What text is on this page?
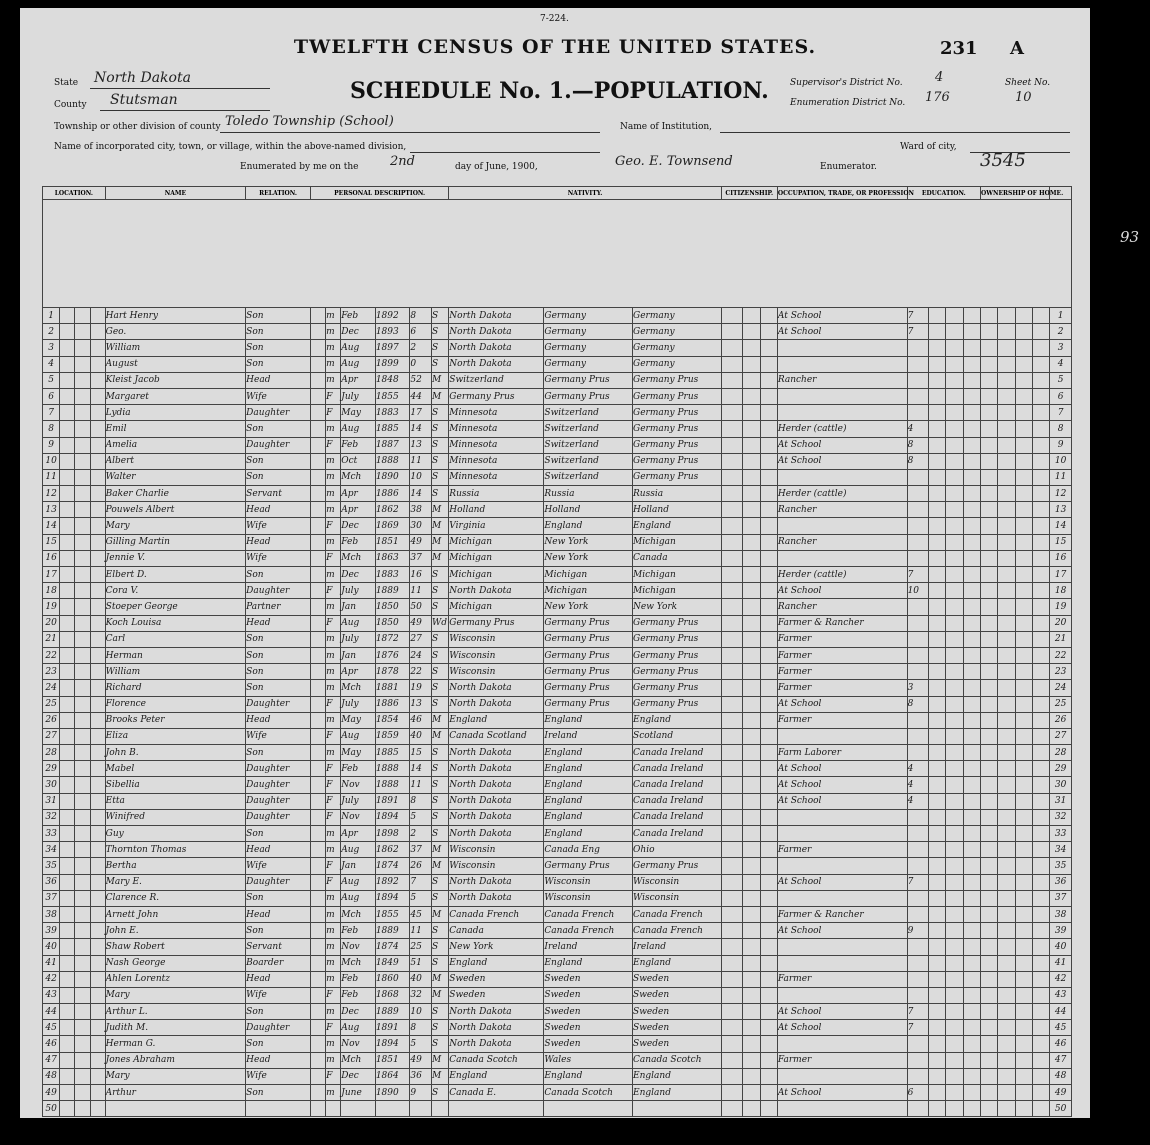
7-224.
TWELFTH CENSUS OF THE UNITED STATES.	231 A
SCHEDULE No. 1.—POPULATION.
State North Dakota
County Stutsman
Township or other division of county Toledo Township (School)
Name of incorporated city, town, or village, within the above-named division,
Enumerated by me on the 2nd	day of June, 1900,	Geo. E. Townsend	Enumerator.	3545
Name of Institution,
Ward of city,
Supervisor's District No. 4
Enumeration District No. 176
Sheet No.
10
LOCATION.				NAME	RELATION.	PERSONAL DESCRIPTION.						NATIVITY.			CITIZENSHIP.			OCCUPATION, TRADE, OR PROFESSION	EDUCATION.				OWNERSHIP OF HOME.				

1				Hart Henry	Son		m	Feb	1892	8	S	North Dakota	Germany	Germany				At School	7								1
2				Geo.	Son		m	Dec	1893	6	S	North Dakota	Germany	Germany				At School	7								2
3				William	Son		m	Aug	1897	2	S	North Dakota	Germany	Germany													3
4				August	Son		m	Aug	1899	0	S	North Dakota	Germany	Germany													4
5				Kleist Jacob	Head		m	Apr	1848	52	M	Switzerland	Germany Prus	Germany Prus				Rancher									5
6				Margaret	Wife		F	July	1855	44	M	Germany Prus	Germany Prus	Germany Prus													6
7				Lydia	Daughter		F	May	1883	17	S	Minnesota	Switzerland	Germany Prus													7
8				Emil	Son		m	Aug	1885	14	S	Minnesota	Switzerland	Germany Prus				Herder (cattle)	4								8
9				Amelia	Daughter		F	Feb	1887	13	S	Minnesota	Switzerland	Germany Prus				At School	8								9
10				Albert	Son		m	Oct	1888	11	S	Minnesota	Switzerland	Germany Prus				At School	8								10
11				Walter	Son		m	Mch	1890	10	S	Minnesota	Switzerland	Germany Prus													11
12				Baker Charlie	Servant		m	Apr	1886	14	S	Russia	Russia	Russia				Herder (cattle)									12
13				Pouwels Albert	Head		m	Apr	1862	38	M	Holland	Holland	Holland				Rancher									13
14				Mary	Wife		F	Dec	1869	30	M	Virginia	England	England													14
15				Gilling Martin	Head		m	Feb	1851	49	M	Michigan	New York	Michigan				Rancher									15
16				Jennie V.	Wife		F	Mch	1863	37	M	Michigan	New York	Canada													16
17				Elbert D.	Son		m	Dec	1883	16	S	Michigan	Michigan	Michigan				Herder (cattle)	7								17
18				Cora V.	Daughter		F	July	1889	11	S	North Dakota	Michigan	Michigan				At School	10								18
19				Stoeper George	Partner		m	Jan	1850	50	S	Michigan	New York	New York				Rancher									19
20				Koch Louisa	Head		F	Aug	1850	49	Wd	Germany Prus	Germany Prus	Germany Prus				Farmer & Rancher									20
21				Carl	Son		m	July	1872	27	S	Wisconsin	Germany Prus	Germany Prus				Farmer									21
22				Herman	Son		m	Jan	1876	24	S	Wisconsin	Germany Prus	Germany Prus				Farmer									22
23				William	Son		m	Apr	1878	22	S	Wisconsin	Germany Prus	Germany Prus				Farmer									23
24				Richard	Son		m	Mch	1881	19	S	North Dakota	Germany Prus	Germany Prus				Farmer	3								24
25				Florence	Daughter		F	July	1886	13	S	North Dakota	Germany Prus	Germany Prus				At School	8								25
26				Brooks Peter	Head		m	May	1854	46	M	England	England	England				Farmer									26
27				Eliza	Wife		F	Aug	1859	40	M	Canada Scotland	Ireland	Scotland													27
28				John B.	Son		m	May	1885	15	S	North Dakota	England	Canada Ireland				Farm Laborer									28
29				Mabel	Daughter		F	Feb	1888	14	S	North Dakota	England	Canada Ireland				At School	4								29
30				Sibellia	Daughter		F	Nov	1888	11	S	North Dakota	England	Canada Ireland				At School	4								30
31				Etta	Daughter		F	July	1891	8	S	North Dakota	England	Canada Ireland				At School	4								31
32				Winifred	Daughter		F	Nov	1894	5	S	North Dakota	England	Canada Ireland													32
33				Guy	Son		m	Apr	1898	2	S	North Dakota	England	Canada Ireland													33
34				Thornton Thomas	Head		m	Aug	1862	37	M	Wisconsin	Canada Eng	Ohio				Farmer									34
35				Bertha	Wife		F	Jan	1874	26	M	Wisconsin	Germany Prus	Germany Prus													35
36				Mary E.	Daughter		F	Aug	1892	7	S	North Dakota	Wisconsin	Wisconsin				At School	7								36
37				Clarence R.	Son		m	Aug	1894	5	S	North Dakota	Wisconsin	Wisconsin													37
38				Arnett John	Head		m	Mch	1855	45	M	Canada French	Canada French	Canada French				Farmer & Rancher									38
39				John E.	Son		m	Feb	1889	11	S	Canada	Canada French	Canada French				At School	9								39
40				Shaw Robert	Servant		m	Nov	1874	25	S	New York	Ireland	Ireland													40
41				Nash George	Boarder		m	Mch	1849	51	S	England	England	England													41
42				Ahlen Lorentz	Head		m	Feb	1860	40	M	Sweden	Sweden	Sweden				Farmer									42
43				Mary	Wife		F	Feb	1868	32	M	Sweden	Sweden	Sweden													43
44				Arthur L.	Son		m	Dec	1889	10	S	North Dakota	Sweden	Sweden				At School	7								44
45				Judith M.	Daughter		F	Aug	1891	8	S	North Dakota	Sweden	Sweden				At School	7								45
46				Herman G.	Son		m	Nov	1894	5	S	North Dakota	Sweden	Sweden													46
47				Jones Abraham	Head		m	Mch	1851	49	M	Canada Scotch	Wales	Canada Scotch				Farmer									47
48				Mary	Wife		F	Dec	1864	36	M	England	England	England													48
49				Arthur	Son		m	June	1890	9	S	Canada E.	Canada Scotch	England				At School	6								49
50																											50
93
